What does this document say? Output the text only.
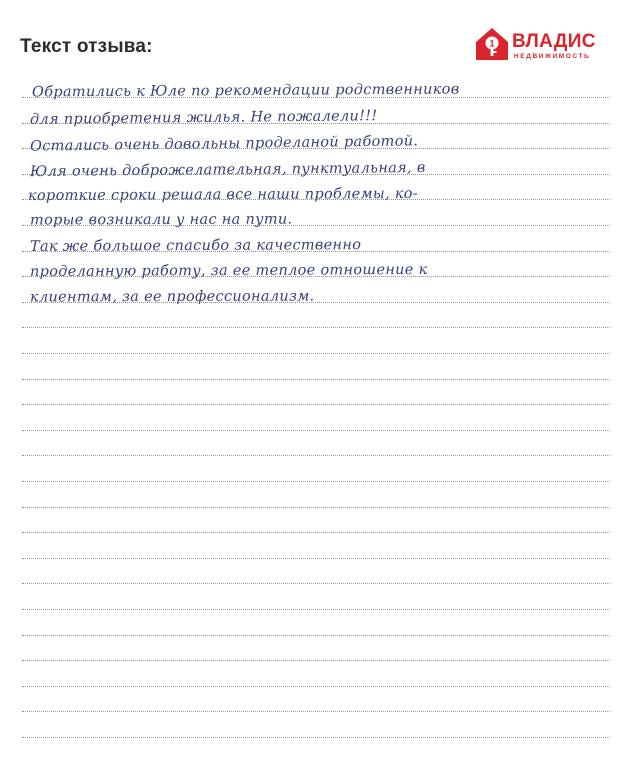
Текст отзыва:	1 ВЛАДИС
НЕДВИЖИМОСТЬ
Обратились к Юле по рекомендации родственников
для приобретения жилья. Не пожалели!!!
Остались очень довольны проделаной работой.
Юля очень доброжелательная, пунктуальная, в
короткие сроки решала все наши проблемы, ко-
торые возникали у нас на пути.
Так же большое спасибо за качественно
проделанную работу, за ее теплое отношение к
клиентам, за ее профессионализм.
